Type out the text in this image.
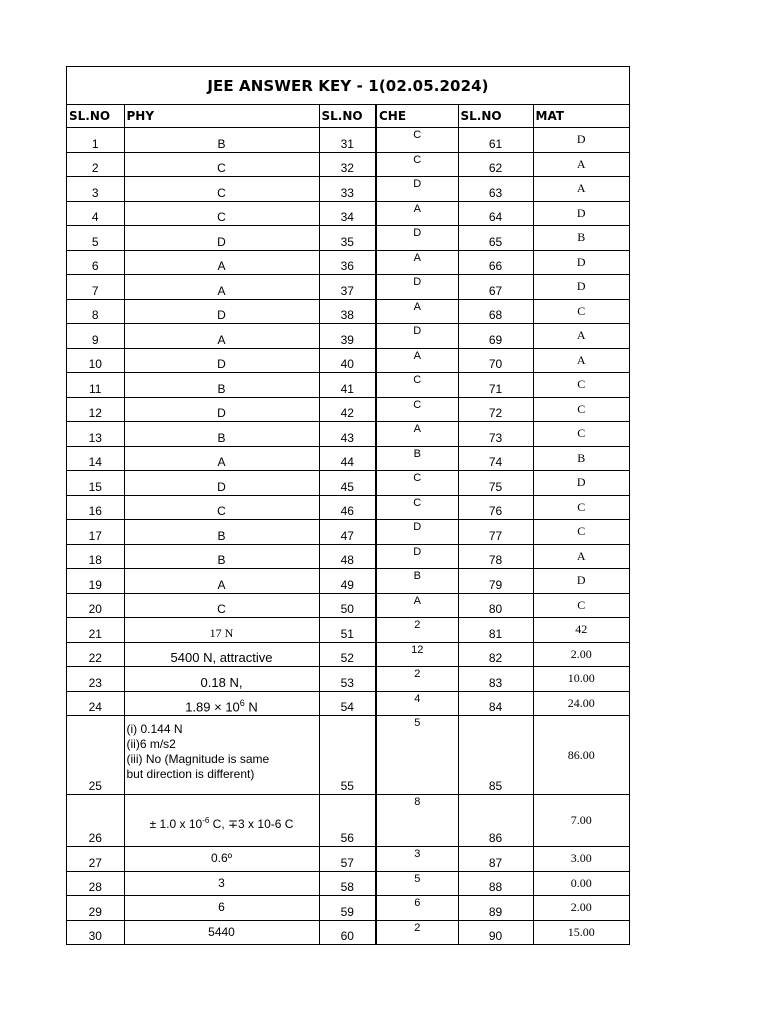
JEE ANSWER KEY - 1(02.05.2024)
SL.NO	PHY	SL.NO	CHE	SL.NO	MAT
1	B	31	C	61	D
2	C	32	C	62	A
3	C	33	D	63	A
4	C	34	A	64	D
5	D	35	D	65	B
6	A	36	A	66	D
7	A	37	D	67	D
8	D	38	A	68	C
9	A	39	D	69	A
10	D	40	A	70	A
11	B	41	C	71	C
12	D	42	C	72	C
13	B	43	A	73	C
14	A	44	B	74	B
15	D	45	C	75	D
16	C	46	C	76	C
17	B	47	D	77	C
18	B	48	D	78	A
19	A	49	B	79	D
20	C	50	A	80	C
21	17 N	51	2	81	42
22	5400 N, attractive	52	12	82	2.00
23	0.18 N,	53	2	83	10.00
24	$1.89 \times 10^6$ N	54	4	84	24.00
25	(i) 0.144 N
(ii)6 m/s2
(iii) No (Magnitude is same
but direction is different)	55	5	85	86.00
26	± 1.0 x $10^{-6}$ C, ∓3 x 10-6 C	56	8	86	7.00
27	0.6º	57	3	87	3.00
28	3	58	5	88	0.00
29	6	59	6	89	2.00
30	5440	60	2	90	15.00
